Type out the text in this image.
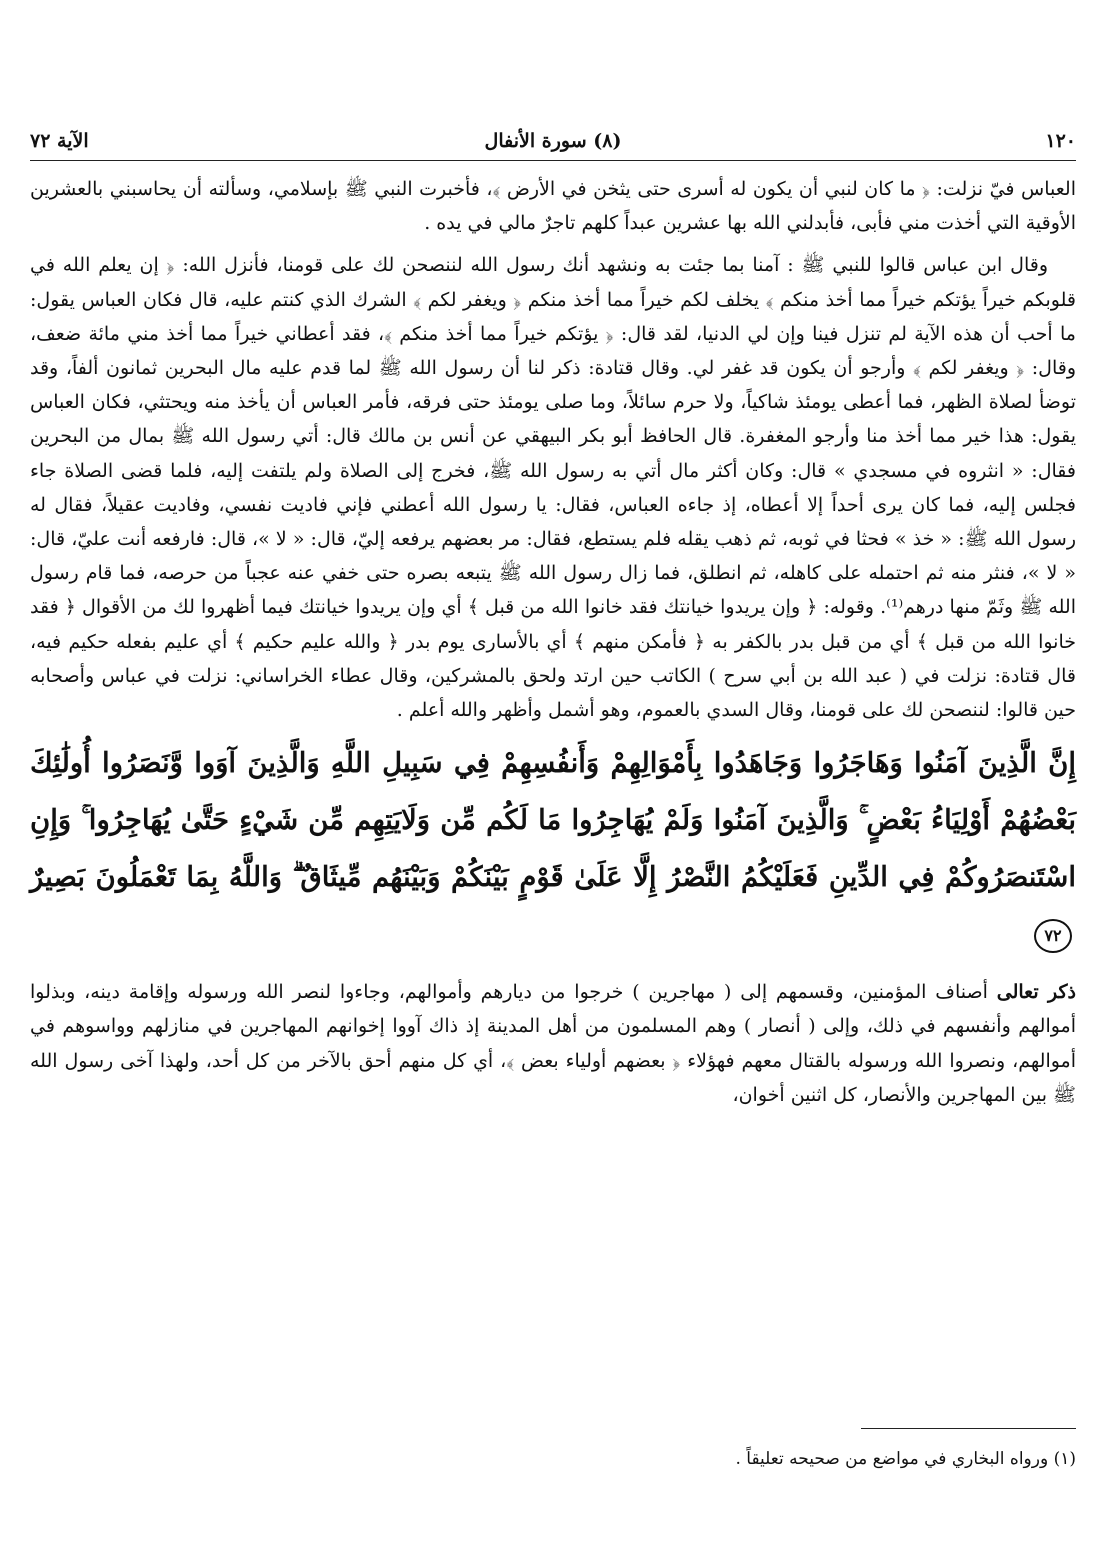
١٢٠
(٨) سورة الأنفال
الآية ٧٢

العباس فيّ نزلت: ﴿ ما كان لنبي أن يكون له أسرى حتى يثخن في الأرض ﴾، فأخبرت النبي ﷺ بإسلامي، وسألته أن يحاسبني بالعشرين الأوقية التي أخذت مني فأبى، فأبدلني الله بها عشرين عبداً كلهم تاجرٌ مالي في يده .

وقال ابن عباس قالوا للنبي ﷺ : آمنا بما جئت به ونشهد أنك رسول الله لننصحن لك على قومنا، فأنزل الله: ﴿ إن يعلم الله في قلوبكم خيراً يؤتكم خيراً مما أخذ منكم ﴾ يخلف لكم خيراً مما أخذ منكم ﴿ ويغفر لكم ﴾ الشرك الذي كنتم عليه، قال فكان العباس يقول: ما أحب أن هذه الآية لم تنزل فينا وإن لي الدنيا، لقد قال: ﴿ يؤتكم خيراً مما أخذ منكم ﴾، فقد أعطاني خيراً مما أخذ مني مائة ضعف، وقال: ﴿ ويغفر لكم ﴾ وأرجو أن يكون قد غفر لي. وقال قتادة: ذكر لنا أن رسول الله ﷺ لما قدم عليه مال البحرين ثمانون ألفاً، وقد توضأ لصلاة الظهر، فما أعطى يومئذ شاكياً، ولا حرم سائلاً، وما صلى يومئذ حتى فرقه، فأمر العباس أن يأخذ منه ويحتثي، فكان العباس يقول: هذا خير مما أخذ منا وأرجو المغفرة. قال الحافظ أبو بكر البيهقي عن أنس بن مالك قال: أتي رسول الله ﷺ بمال من البحرين فقال: « انثروه في مسجدي » قال: وكان أكثر مال أتي به رسول الله ﷺ، فخرج إلى الصلاة ولم يلتفت إليه، فلما قضى الصلاة جاء فجلس إليه، فما كان يرى أحداً إلا أعطاه، إذ جاءه العباس، فقال: يا رسول الله أعطني فإني فاديت نفسي، وفاديت عقيلاً، فقال له رسول الله ﷺ: « خذ » فحثا في ثوبه، ثم ذهب يقله فلم يستطع، فقال: مر بعضهم يرفعه إليّ، قال: « لا »، قال: فارفعه أنت عليّ، قال: « لا »، فنثر منه ثم احتمله على كاهله، ثم انطلق، فما زال رسول الله ﷺ يتبعه بصره حتى خفي عنه عجباً من حرصه، فما قام رسول الله ﷺ وثَمّ منها درهم⁽¹⁾. وقوله: ﴿ وإن يريدوا خيانتك فقد خانوا الله من قبل ﴾ أي وإن يريدوا خيانتك فيما أظهروا لك من الأقوال ﴿ فقد خانوا الله من قبل ﴾ أي من قبل بدر بالكفر به ﴿ فأمكن منهم ﴾ أي بالأسارى يوم بدر ﴿ والله عليم حكيم ﴾ أي عليم بفعله حكيم فيه، قال قتادة: نزلت في ( عبد الله بن أبي سرح ) الكاتب حين ارتد ولحق بالمشركين، وقال عطاء الخراساني: نزلت في عباس وأصحابه حين قالوا: لننصحن لك على قومنا، وقال السدي بالعموم، وهو أشمل وأظهر والله أعلم .

إِنَّ الَّذِينَ آمَنُوا وَهَاجَرُوا وَجَاهَدُوا بِأَمْوَالِهِمْ وَأَنفُسِهِمْ فِي سَبِيلِ اللَّهِ وَالَّذِينَ آوَوا وَّنَصَرُوا أُولَٰئِكَ بَعْضُهُمْ أَوْلِيَاءُ بَعْضٍ ۚ وَالَّذِينَ آمَنُوا وَلَمْ يُهَاجِرُوا مَا لَكُم مِّن وَلَايَتِهِم مِّن شَيْءٍ حَتَّىٰ يُهَاجِرُوا ۚ وَإِنِ اسْتَنصَرُوكُمْ فِي الدِّينِ فَعَلَيْكُمُ النَّصْرُ إِلَّا عَلَىٰ قَوْمٍ بَيْنَكُمْ وَبَيْنَهُم مِّيثَاقٌ ۗ وَاللَّهُ بِمَا تَعْمَلُونَ بَصِيرٌ ٧٢

ذكر تعالى أصناف المؤمنين، وقسمهم إلى ( مهاجرين ) خرجوا من ديارهم وأموالهم، وجاءوا لنصر الله ورسوله وإقامة دينه، وبذلوا أموالهم وأنفسهم في ذلك، وإلى ( أنصار ) وهم المسلمون من أهل المدينة إذ ذاك آووا إخوانهم المهاجرين في منازلهم وواسوهم في أموالهم، ونصروا الله ورسوله بالقتال معهم فهؤلاء ﴿ بعضهم أولياء بعض ﴾، أي كل منهم أحق بالآخر من كل أحد، ولهذا آخى رسول الله ﷺ بين المهاجرين والأنصار، كل اثنين أخوان،

(١) ورواه البخاري في مواضع من صحيحه تعليقاً .
